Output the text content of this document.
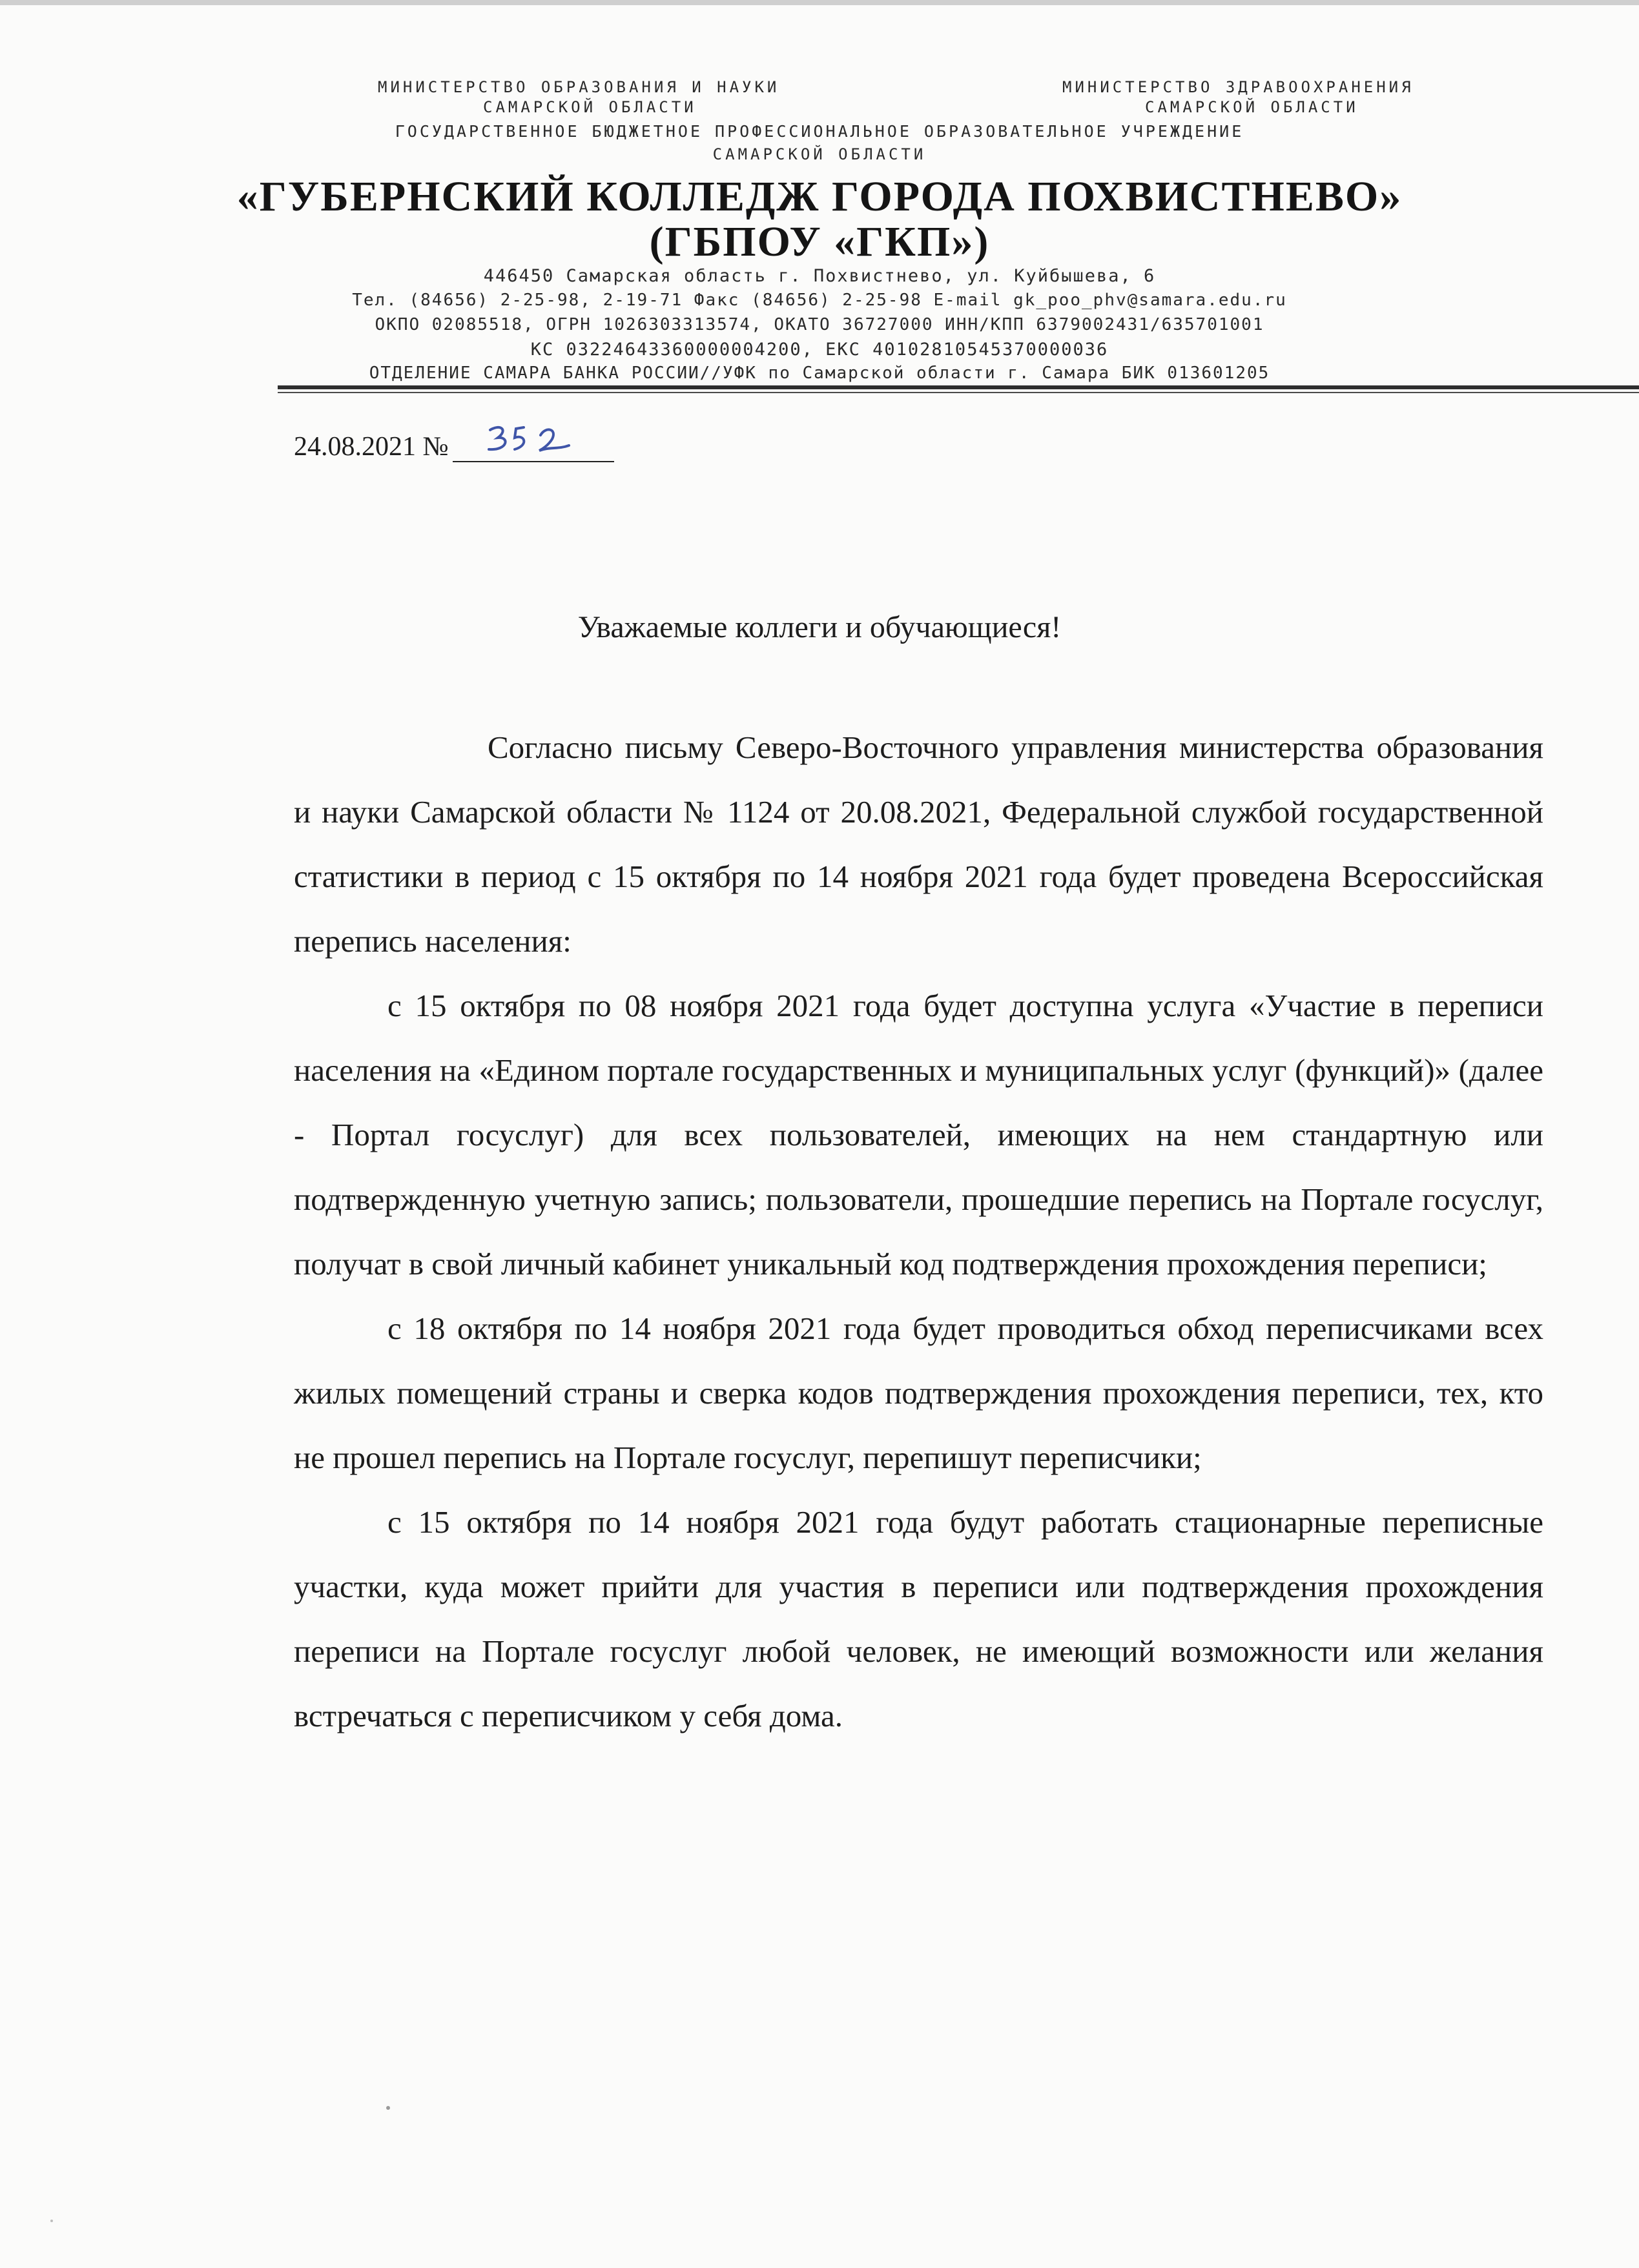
МИНИСТЕРСТВО ОБРАЗОВАНИЯ И НАУКИ
САМАРСКОЙ ОБЛАСТИ
МИНИСТЕРСТВО ЗДРАВООХРАНЕНИЯ
САМАРСКОЙ ОБЛАСТИ
ГОСУДАРСТВЕННОЕ БЮДЖЕТНОЕ ПРОФЕССИОНАЛЬНОЕ ОБРАЗОВАТЕЛЬНОЕ УЧРЕЖДЕНИЕ
САМАРСКОЙ ОБЛАСТИ
«ГУБЕРНСКИЙ КОЛЛЕДЖ ГОРОДА ПОХВИСТНЕВО»
(ГБПОУ «ГКП»)
446450 Самарская область г. Похвистнево, ул. Куйбышева, 6
Тел. (84656) 2-25-98, 2-19-71 Факс (84656) 2-25-98 E-mail gk_poo_phv@samara.edu.ru
ОКПО 02085518, ОГРН 1026303313574, ОКАТО 36727000 ИНН/КПП 6379002431/635701001
КС 03224643360000004200, ЕКС 40102810545370000036
ОТДЕЛЕНИЕ САМАРА БАНКА РОССИИ//УФК по Самарской области г. Самара БИК 013601205
24.08.2021 №
Уважаемые коллеги и обучающиеся!

Согласно письму Северо-Восточного управления министерства образования и науки Самарской области № 1124 от 20.08.2021, Федеральной службой государственной статистики в период с 15 октября по 14 ноября 2021 года будет проведена Всероссийская перепись населения:

с 15 октября по 08 ноября 2021 года будет доступна услуга «Участие в переписи населения на «Едином портале государственных и муниципальных услуг (функций)» (далее - Портал госуслуг) для всех пользователей, имеющих на нем стандартную или подтвержденную учетную запись; пользователи, прошедшие перепись на Портале госуслуг, получат в свой личный кабинет уникальный код подтверждения прохождения переписи;

с 18 октября по 14 ноября 2021 года будет проводиться обход переписчиками всех жилых помещений страны и сверка кодов подтверждения прохождения переписи, тех, кто не прошел перепись на Портале госуслуг, перепишут переписчики;

с 15 октября по 14 ноября 2021 года будут работать стационарные переписные участки, куда может прийти для участия в переписи или подтверждения прохождения переписи на Портале госуслуг любой человек, не имеющий возможности или желания встречаться с переписчиком у себя дома.
